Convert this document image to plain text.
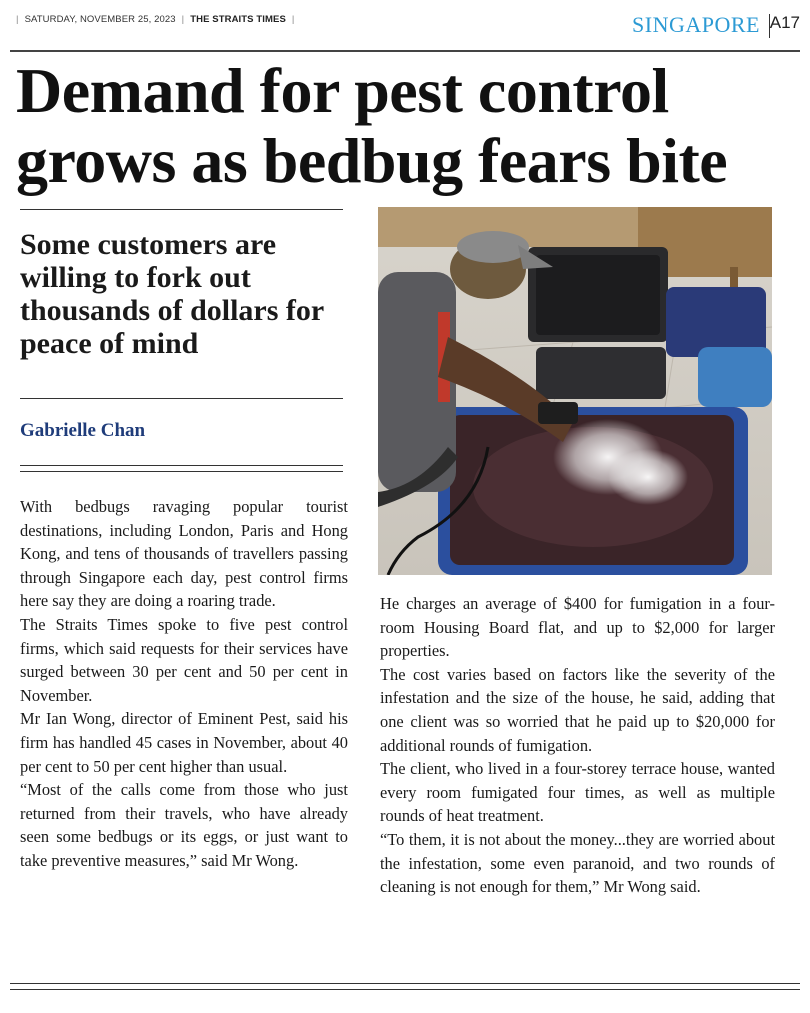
| SATURDAY, NOVEMBER 25, 2023 | THE STRAITS TIMES |	SINGAPORE A17
Demand for pest control
grows as bedbug fears bite
Some customers are willing to fork out thousands of dollars for peace of mind
Gabrielle Chan

With bedbugs ravaging popular tourist destinations, including London, Paris and Hong Kong, and tens of thousands of travellers passing through Singapore each day, pest control firms here say they are doing a roaring trade.

The Straits Times spoke to five pest control firms, which said requests for their services have surged between 30 per cent and 50 per cent in November.

Mr Ian Wong, director of Eminent Pest, said his firm has handled 45 cases in November, about 40 per cent to 50 per cent higher than usual.

“Most of the calls come from those who just returned from their travels, who have already seen some bedbugs or its eggs, or just want to take preventive measures,” said Mr Wong.

He charges an average of $400 for fumigation in a four-room Housing Board flat, and up to $2,000 for larger properties.

The cost varies based on factors like the severity of the infestation and the size of the house, he said, adding that one client was so worried that he paid up to $20,000 for additional rounds of fumigation.

The client, who lived in a four-storey terrace house, wanted every room fumigated four times, as well as multiple rounds of heat treatment.

“To them, it is not about the money...they are worried about the infestation, some even paranoid, and two rounds of cleaning is not enough for them,” Mr Wong said.
